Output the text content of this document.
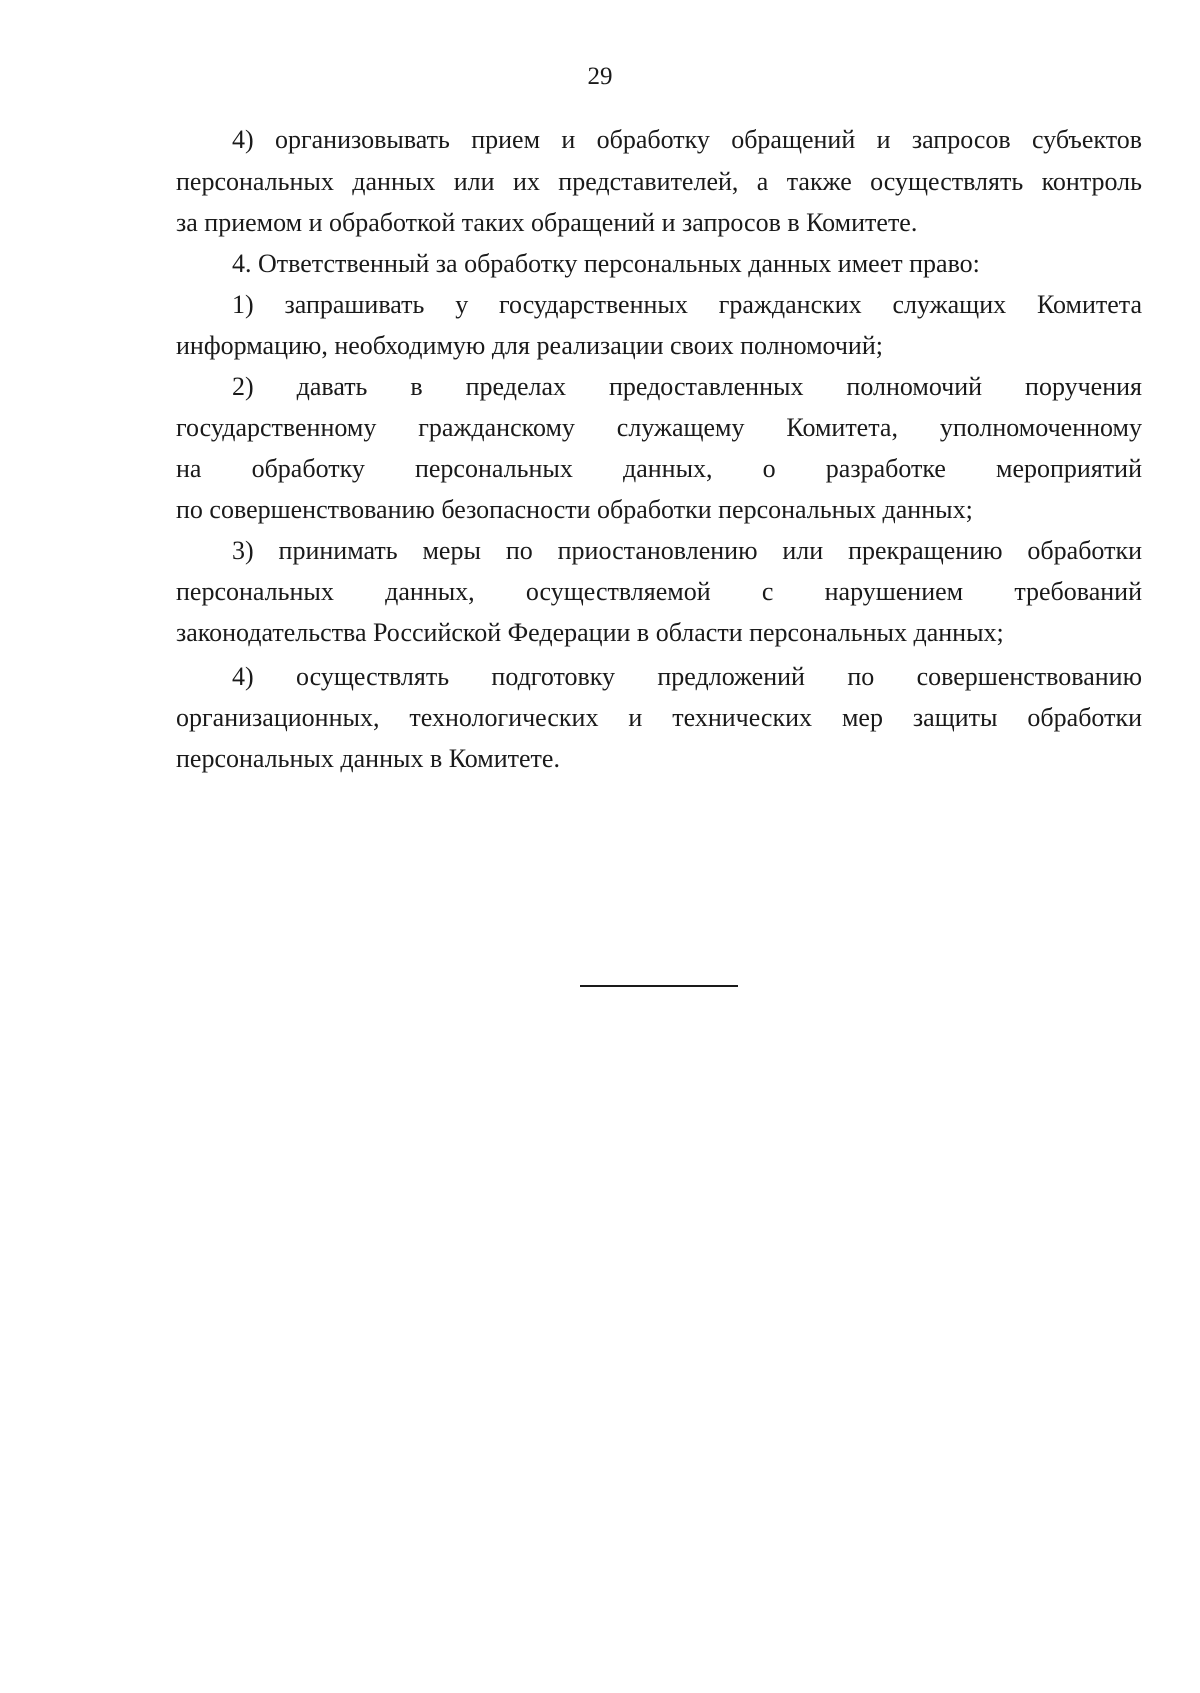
29
4) организовывать прием и обработку обращений и запросов субъектов
персональных данных или их представителей, а также осуществлять контроль
за приемом и обработкой таких обращений и запросов в Комитете.
4. Ответственный за обработку персональных данных имеет право:
1) запрашивать у государственных гражданских служащих Комитета
информацию, необходимую для реализации своих полномочий;
2) давать в пределах предоставленных полномочий поручения
государственному гражданскому служащему Комитета, уполномоченному
на обработку персональных данных, о разработке мероприятий
по совершенствованию безопасности обработки персональных данных;
3) принимать меры по приостановлению или прекращению обработки
персональных данных, осуществляемой с нарушением требований
законодательства Российской Федерации в области персональных данных;
4) осуществлять подготовку предложений по совершенствованию
организационных, технологических и технических мер защиты обработки
персональных данных в Комитете.
